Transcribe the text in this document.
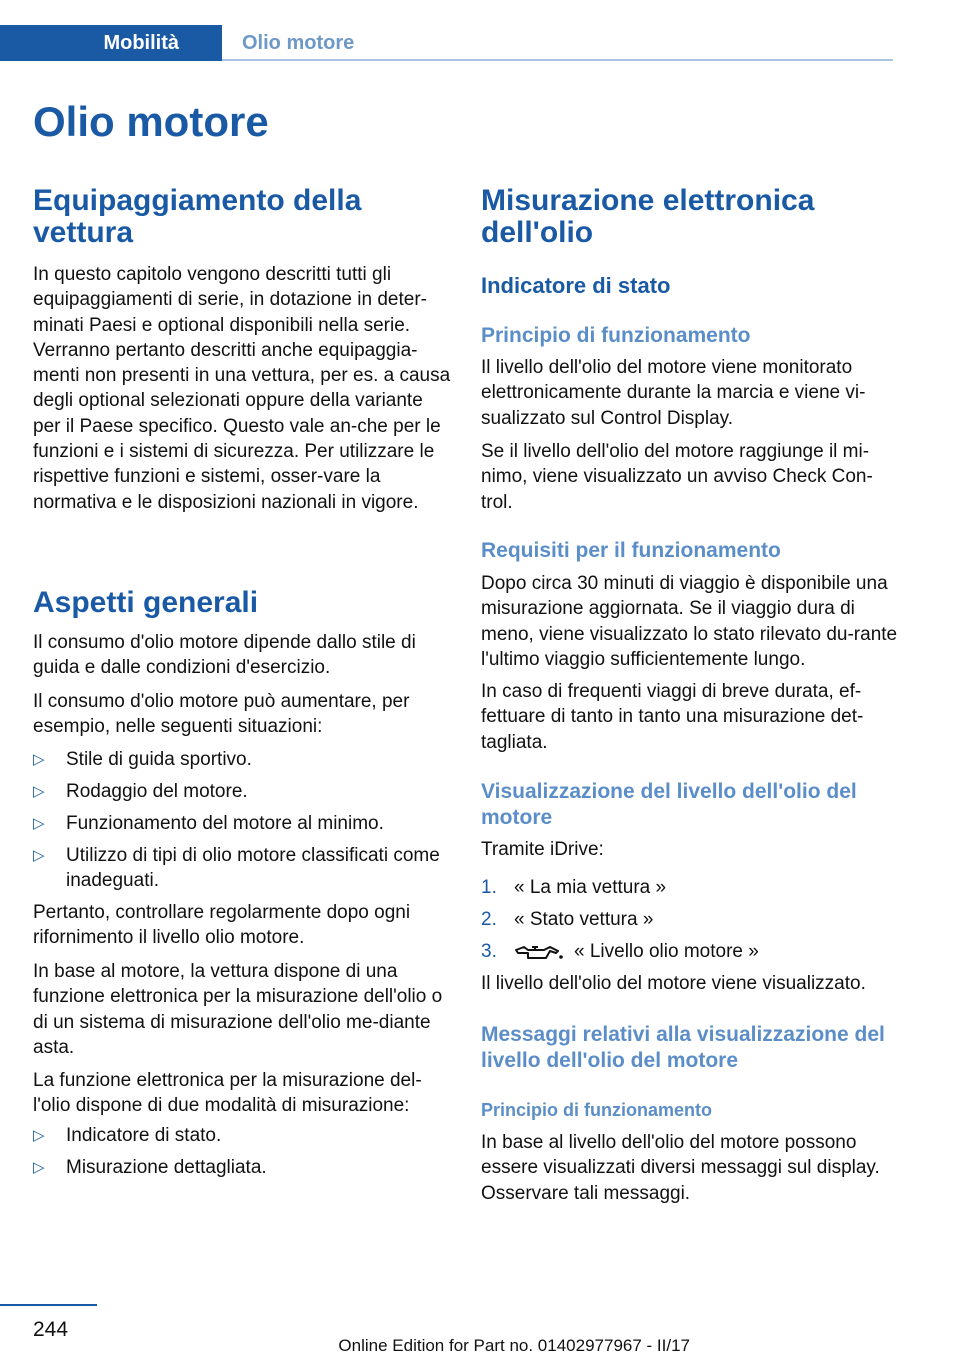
Mobilità	Olio motore
Olio motore
Equipaggiamento della vettura

In questo capitolo vengono descritti tutti gli equipaggiamenti di serie, in dotazione in deter-minati Paesi e optional disponibili nella serie. Verranno pertanto descritti anche equipaggia-menti non presenti in una vettura, per es. a causa degli optional selezionati oppure della variante per il Paese specifico. Questo vale an-che per le funzioni e i sistemi di sicurezza. Per utilizzare le rispettive funzioni e sistemi, osser-vare la normativa e le disposizioni nazionali in vigore.

Aspetti generali

Il consumo d'olio motore dipende dallo stile di guida e dalle condizioni d'esercizio.

Il consumo d'olio motore può aumentare, per esempio, nelle seguenti situazioni:

▷ Stile di guida sportivo.
▷ Rodaggio del motore.
▷ Funzionamento del motore al minimo.
▷ Utilizzo di tipi di olio motore classificati come inadeguati.

Pertanto, controllare regolarmente dopo ogni rifornimento il livello olio motore.

In base al motore, la vettura dispone di una funzione elettronica per la misurazione dell'olio o di un sistema di misurazione dell'olio me-diante asta.

La funzione elettronica per la misurazione del-l'olio dispone di due modalità di misurazione:

▷ Indicatore di stato.
▷ Misurazione dettagliata.
Misurazione elettronica dell'olio
Indicatore di stato
Principio di funzionamento

Il livello dell'olio del motore viene monitorato elettronicamente durante la marcia e viene vi-sualizzato sul Control Display.

Se il livello dell'olio del motore raggiunge il mi-nimo, viene visualizzato un avviso Check Con-trol.

Requisiti per il funzionamento

Dopo circa 30 minuti di viaggio è disponibile una misurazione aggiornata. Se il viaggio dura di meno, viene visualizzato lo stato rilevato du-rante l'ultimo viaggio sufficientemente lungo.

In caso di frequenti viaggi di breve durata, ef-fettuare di tanto in tanto una misurazione det-tagliata.

Visualizzazione del livello dell'olio del motore

Tramite iDrive:

1. « La mia vettura »
2. « Stato vettura »
3.	« Livello olio motore »

Il livello dell'olio del motore viene visualizzato.

Messaggi relativi alla visualizzazione del livello dell'olio del motore
Principio di funzionamento

In base al livello dell'olio del motore possono essere visualizzati diversi messaggi sul display. Osservare tali messaggi.

244
Online Edition for Part no. 01402977967 - II/17
